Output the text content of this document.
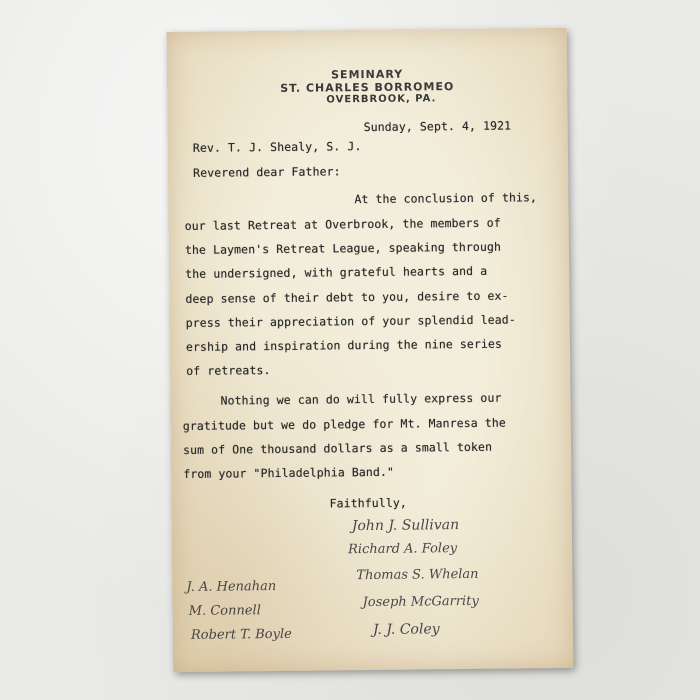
SEMINARY
ST. CHARLES BORROMEO
OVERBROOK, PA.
Sunday, Sept. 4, 1921
Rev. T. J. Shealy, S. J.
Reverend dear Father:
At the conclusion of this,
our last Retreat at Overbrook, the members of
the Laymen's Retreat League, speaking through
the undersigned, with grateful hearts and a
deep sense of their debt to you, desire to ex-
press their appreciation of your splendid lead-
ership and inspiration during the nine series
of retreats.
Nothing we can do will fully express our
gratitude but we do pledge for Mt. Manresa the
sum of One thousand dollars as a small token
from your "Philadelphia Band."
Faithfully,
John J. Sullivan
Richard A. Foley
Thomas S. Whelan
Joseph McGarrity
J. J. Coley
J. A. Henahan
M. Connell
Robert T. Boyle
